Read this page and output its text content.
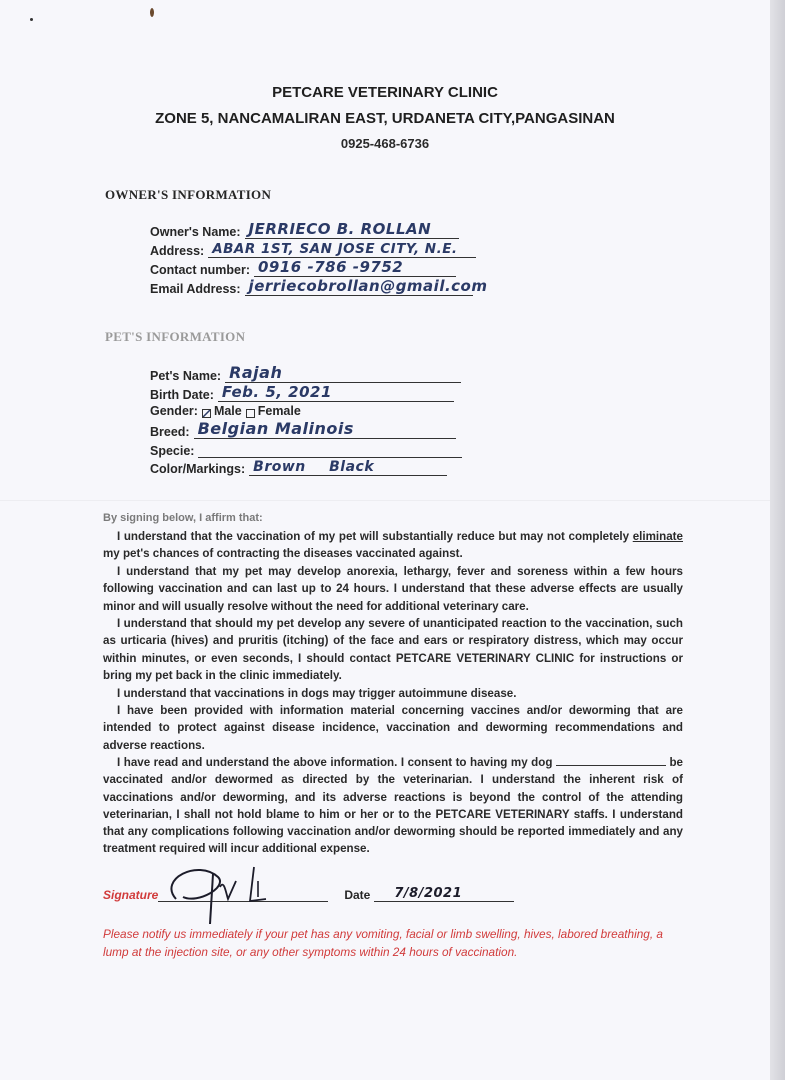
PETCARE VETERINARY CLINIC
ZONE 5, NANCAMALIRAN EAST, URDANETA CITY,PANGASINAN
0925-468-6736
OWNER'S INFORMATION
Owner's Name: JERRIECO B. ROLLAN
Address: ABAR 1ST, SAN JOSE CITY, N.E.
Contact number: 0916 -786 -9752
Email Address: jerriecobrollan@gmail.com
PET'S INFORMATION
Pet's Name: Rajah
Birth Date: Feb. 5, 2021
Gender: Male Female
Breed: Belgian Malinois
Specie:
Color/Markings: Brown Black
By signing below, I affirm that:
I understand that the vaccination of my pet will substantially reduce but may not completely eliminate my pet's chances of contracting the diseases vaccinated against.
I understand that my pet may develop anorexia, lethargy, fever and soreness within a few hours following vaccination and can last up to 24 hours. I understand that these adverse effects are usually minor and will usually resolve without the need for additional veterinary care.
I understand that should my pet develop any severe of unanticipated reaction to the vaccination, such as urticaria (hives) and pruritis (itching) of the face and ears or respiratory distress, which may occur within minutes, or even seconds, I should contact PETCARE VETERINARY CLINIC for instructions or bring my pet back in the clinic immediately.
I understand that vaccinations in dogs may trigger autoimmune disease.
I have been provided with information material concerning vaccines and/or deworming that are intended to protect against disease incidence, vaccination and deworming recommendations and adverse reactions.
I have read and understand the above information. I consent to having my dog	be vaccinated and/or dewormed as directed by the veterinarian. I understand the inherent risk of vaccinations and/or deworming, and its adverse reactions is beyond the control of the attending veterinarian, I shall not hold blame to him or her or to the PETCARE VETERINARY staffs. I understand that any complications following vaccination and/or deworming should be reported immediately and any treatment required will incur additional expense.
Signature	Date 7/8/2021
Please notify us immediately if your pet has any vomiting, facial or limb swelling, hives, labored breathing, a lump at the injection site, or any other symptoms within 24 hours of vaccination.
